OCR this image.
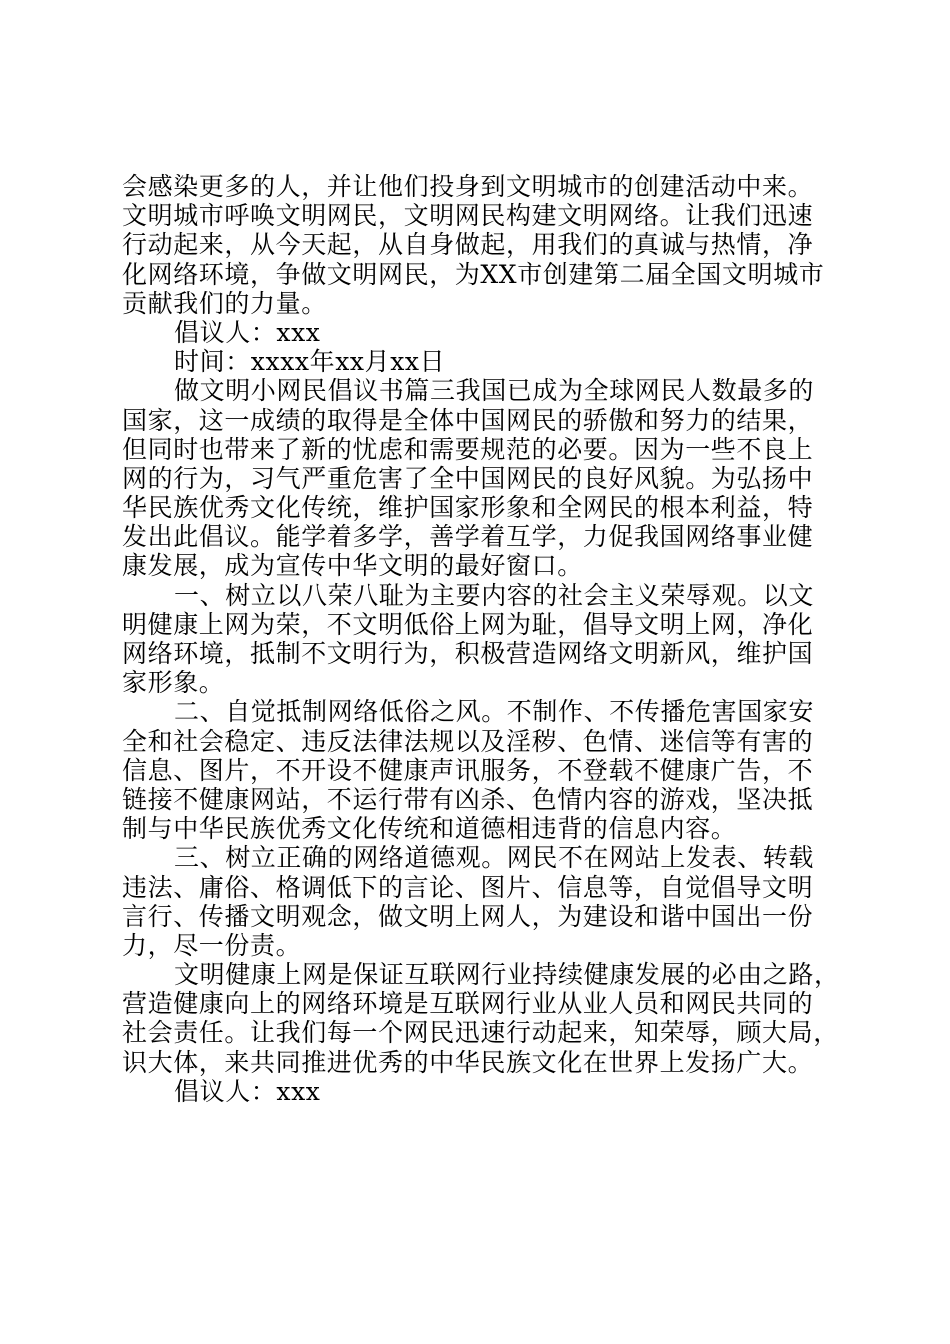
会感染更多的人，并让他们投身到文明城市的创建活动中来。
文明城市呼唤文明网民，文明网民构建文明网络。让我们迅速
行动起来，从今天起，从自身做起，用我们的真诚与热情，净
化网络环境，争做文明网民，为XX市创建第二届全国文明城市
贡献我们的力量。
倡议人：xxx
时间：xxxx年xx月xx日
做文明小网民倡议书篇三我国已成为全球网民人数最多的
国家，这一成绩的取得是全体中国网民的骄傲和努力的结果，
但同时也带来了新的忧虑和需要规范的必要。因为一些不良上
网的行为，习气严重危害了全中国网民的良好风貌。为弘扬中
华民族优秀文化传统，维护国家形象和全网民的根本利益，特
发出此倡议。能学着多学，善学着互学，力促我国网络事业健
康发展，成为宣传中华文明的最好窗口。
一、树立以八荣八耻为主要内容的社会主义荣辱观。以文
明健康上网为荣，不文明低俗上网为耻，倡导文明上网，净化
网络环境，抵制不文明行为，积极营造网络文明新风，维护国
家形象。
二、自觉抵制网络低俗之风。不制作、不传播危害国家安
全和社会稳定、违反法律法规以及淫秽、色情、迷信等有害的
信息、图片，不开设不健康声讯服务，不登载不健康广告，不
链接不健康网站，不运行带有凶杀、色情内容的游戏，坚决抵
制与中华民族优秀文化传统和道德相违背的信息内容。
三、树立正确的网络道德观。网民不在网站上发表、转载
违法、庸俗、格调低下的言论、图片、信息等，自觉倡导文明
言行、传播文明观念，做文明上网人，为建设和谐中国出一份
力，尽一份责。
文明健康上网是保证互联网行业持续健康发展的必由之路，
营造健康向上的网络环境是互联网行业从业人员和网民共同的
社会责任。让我们每一个网民迅速行动起来，知荣辱，顾大局，
识大体，来共同推进优秀的中华民族文化在世界上发扬广大。
倡议人：xxx
